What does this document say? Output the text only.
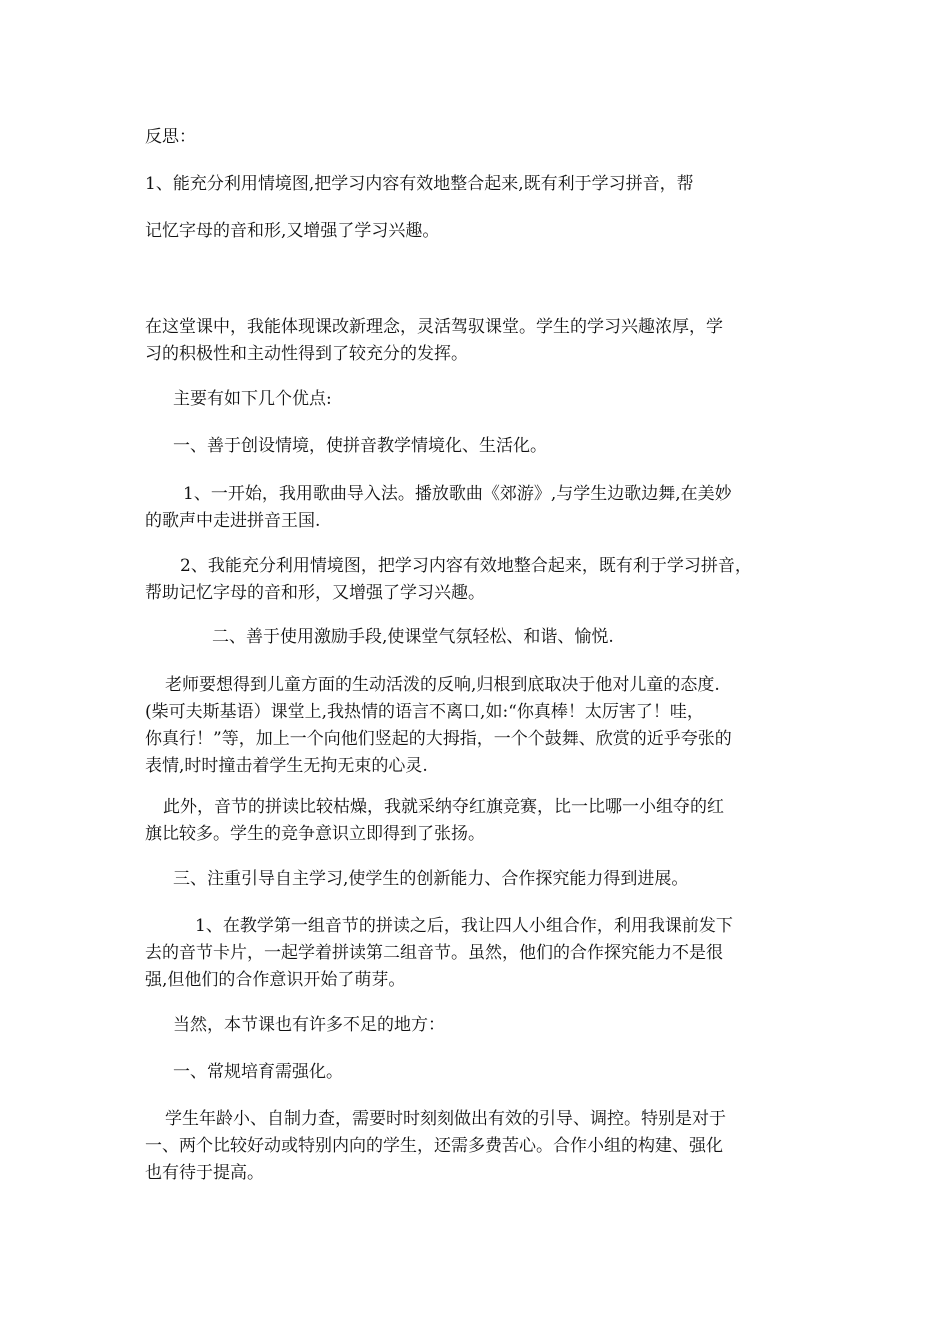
反思：

1、能充分利用情境图,把学习内容有效地整合起来,既有利于学习拼音，帮

记忆字母的音和形,又增强了学习兴趣。

在这堂课中，我能体现课改新理念，灵活驾驭课堂。学生的学习兴趣浓厚，学
习的积极性和主动性得到了较充分的发挥。

主要有如下几个优点:

一、善于创设情境，使拼音教学情境化、生活化。

1、一开始，我用歌曲导入法。播放歌曲《郊游》,与学生边歌边舞,在美妙
的歌声中走进拼音王国.

2、我能充分利用情境图，把学习内容有效地整合起来，既有利于学习拼音，
帮助记忆字母的音和形，又增强了学习兴趣。

二、善于使用激励手段,使课堂气氛轻松、和谐、愉悦.

老师要想得到儿童方面的生动活泼的反响,归根到底取决于他对儿童的态度.
(柴可夫斯基语）课堂上,我热情的语言不离口,如:“你真棒！太厉害了！哇，
你真行！”等，加上一个向他们竖起的大拇指，一个个鼓舞、欣赏的近乎夸张的
表情,时时撞击着学生无拘无束的心灵.

此外，音节的拼读比较枯燥，我就采纳夺红旗竞赛，比一比哪一小组夺的红
旗比较多。学生的竞争意识立即得到了张扬。

三、注重引导自主学习,使学生的创新能力、合作探究能力得到进展。

1、在教学第一组音节的拼读之后，我让四人小组合作，利用我课前发下
去的音节卡片，一起学着拼读第二组音节。虽然，他们的合作探究能力不是很
强,但他们的合作意识开始了萌芽。

当然，本节课也有许多不足的地方：

一、常规培育需强化。

学生年龄小、自制力查，需要时时刻刻做出有效的引导、调控。特别是对于
一、两个比较好动或特别内向的学生，还需多费苦心。合作小组的构建、强化
也有待于提高。
